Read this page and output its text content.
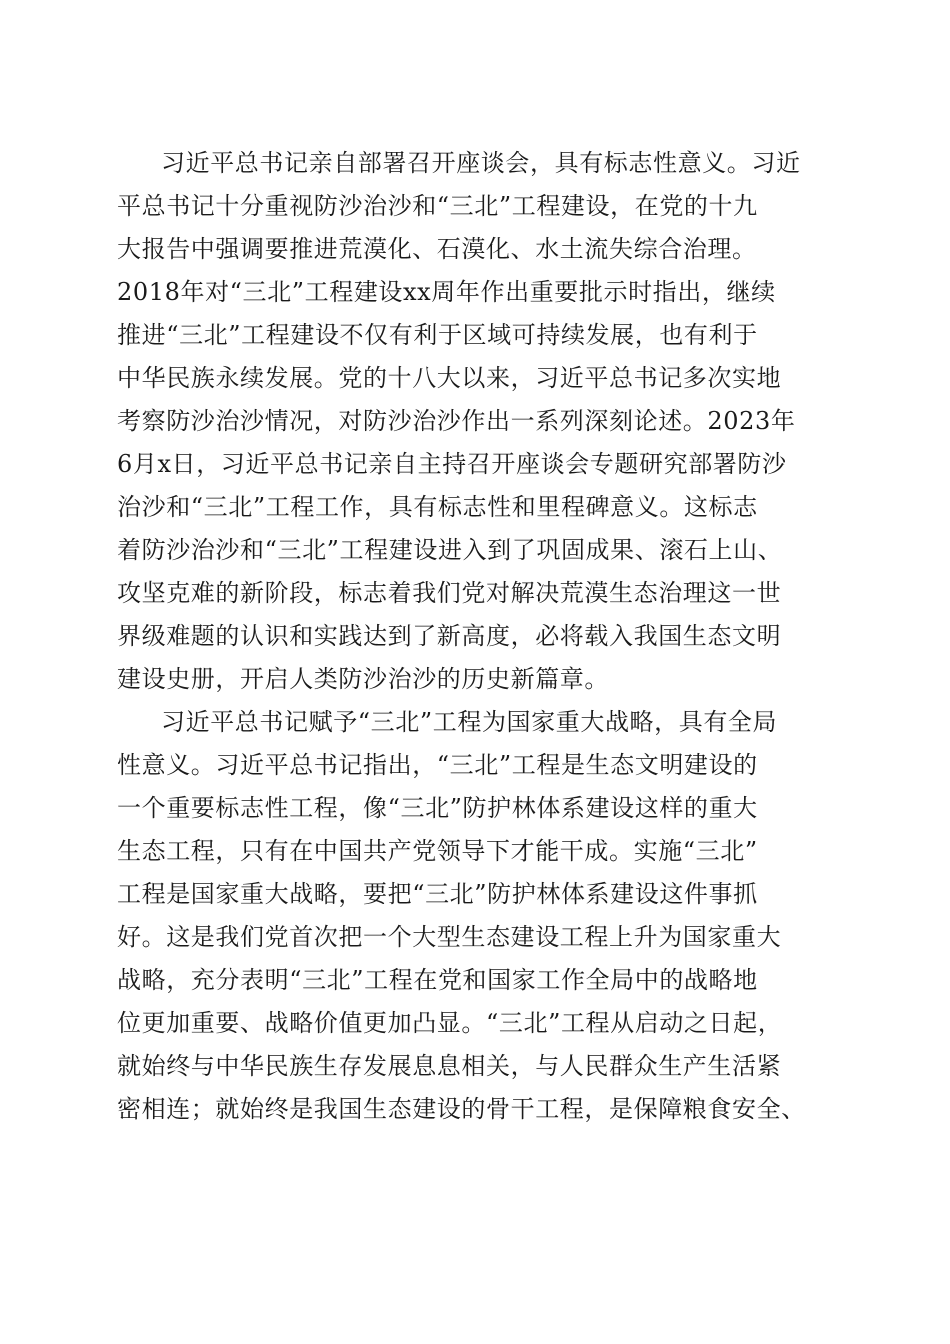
习近平总书记亲自部署召开座谈会，具有标志性意义。习近
平总书记十分重视防沙治沙和“三北”工程建设，在党的十九
大报告中强调要推进荒漠化、石漠化、水土流失综合治理。
2018年对“三北”工程建设xx周年作出重要批示时指出，继续
推进“三北”工程建设不仅有利于区域可持续发展，也有利于
中华民族永续发展。党的十八大以来，习近平总书记多次实地
考察防沙治沙情况，对防沙治沙作出一系列深刻论述。2023年
6月x日，习近平总书记亲自主持召开座谈会专题研究部署防沙
治沙和“三北”工程工作，具有标志性和里程碑意义。这标志
着防沙治沙和“三北”工程建设进入到了巩固成果、滚石上山、
攻坚克难的新阶段，标志着我们党对解决荒漠生态治理这一世
界级难题的认识和实践达到了新高度，必将载入我国生态文明
建设史册，开启人类防沙治沙的历史新篇章。
习近平总书记赋予“三北”工程为国家重大战略，具有全局
性意义。习近平总书记指出，“三北”工程是生态文明建设的
一个重要标志性工程，像“三北”防护林体系建设这样的重大
生态工程，只有在中国共产党领导下才能干成。实施“三北”
工程是国家重大战略，要把“三北”防护林体系建设这件事抓
好。这是我们党首次把一个大型生态建设工程上升为国家重大
战略，充分表明“三北”工程在党和国家工作全局中的战略地
位更加重要、战略价值更加凸显。“三北”工程从启动之日起，
就始终与中华民族生存发展息息相关，与人民群众生产生活紧
密相连；就始终是我国生态建设的骨干工程，是保障粮食安全、
